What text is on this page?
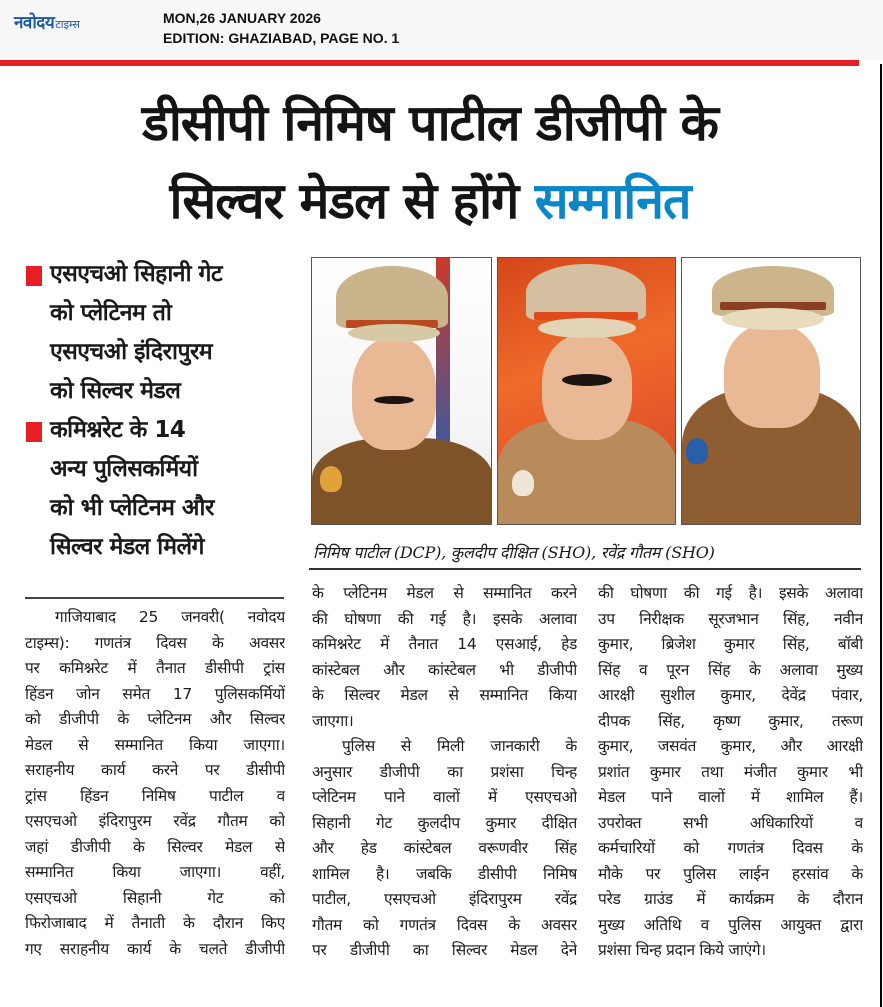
नवोदय टाइम्स	MON,26 JANUARY 2026
EDITION: GHAZIABAD, PAGE NO. 1
डीसीपी निमिष पाटील डीजीपी के
सिल्वर मेडल से होंगे सम्मानित
एसएचओ सिहानी गेट
को प्लेटिनम तो
एसएचओ इंदिरापुरम
को सिल्वर मेडल
कमिश्नरेट के 14
अन्य पुलिसकर्मियों
को भी प्लेटिनम और
सिल्वर मेडल मिलेंगे	निमिष पाटील (DCP), कुलदीप दीक्षित (SHO), रवेंद्र गौतम (SHO)
गाजियाबाद 25 जनवरी( नवोदय
टाइम्स): गणतंत्र दिवस के अवसर
पर कमिश्नरेट में तैनात डीसीपी ट्रांस
हिंडन जोन समेत 17 पुलिसकर्मियों
को डीजीपी के प्लेटिनम और सिल्वर
मेडल से सम्मानित किया जाएगा।
सराहनीय कार्य करने पर डीसीपी
ट्रांस हिंडन निमिष पाटील व
एसएचओ इंदिरापुरम रवेंद्र गौतम को
जहां डीजीपी के सिल्वर मेडल से
सम्मानित किया जाएगा। वहीं,
एसएचओ सिहानी गेट को
फिरोजाबाद में तैनाती के दौरान किए
गए सराहनीय कार्य के चलते डीजीपी
के प्लेटिनम मेडल से सम्मानित करने
की घोषणा की गई है। इसके अलावा
कमिश्नरेट में तैनात 14 एसआई, हेड
कांस्टेबल और कांस्टेबल भी डीजीपी
के सिल्वर मेडल से सम्मानित किया
जाएगा।
पुलिस से मिली जानकारी के
अनुसार डीजीपी का प्रशंसा चिन्ह
प्लेटिनम पाने वालों में एसएचओ
सिहानी गेट कुलदीप कुमार दीक्षित
और हेड कांस्टेबल वरूणवीर सिंह
शामिल है। जबकि डीसीपी निमिष
पाटील, एसएचओ इंदिरापुरम रवेंद्र
गौतम को गणतंत्र दिवस के अवसर
पर डीजीपी का सिल्वर मेडल देने
की घोषणा की गई है। इसके अलावा
उप निरीक्षक सूरजभान सिंह, नवीन
कुमार, ब्रिजेश कुमार सिंह, बॉबी
सिंह व पूरन सिंह के अलावा मुख्य
आरक्षी सुशील कुमार, देवेंद्र पंवार,
दीपक सिंह, कृष्ण कुमार, तरूण
कुमार, जसवंत कुमार, और आरक्षी
प्रशांत कुमार तथा मंजीत कुमार भी
मेडल पाने वालों में शामिल हैं।
उपरोक्त सभी अधिकारियों व
कर्मचारियों को गणतंत्र दिवस के
मौके पर पुलिस लाईन हरसांव के
परेड ग्राउंड में कार्यक्रम के दौरान
मुख्य अतिथि व पुलिस आयुक्त द्वारा
प्रशंसा चिन्ह प्रदान किये जाएंगे।
